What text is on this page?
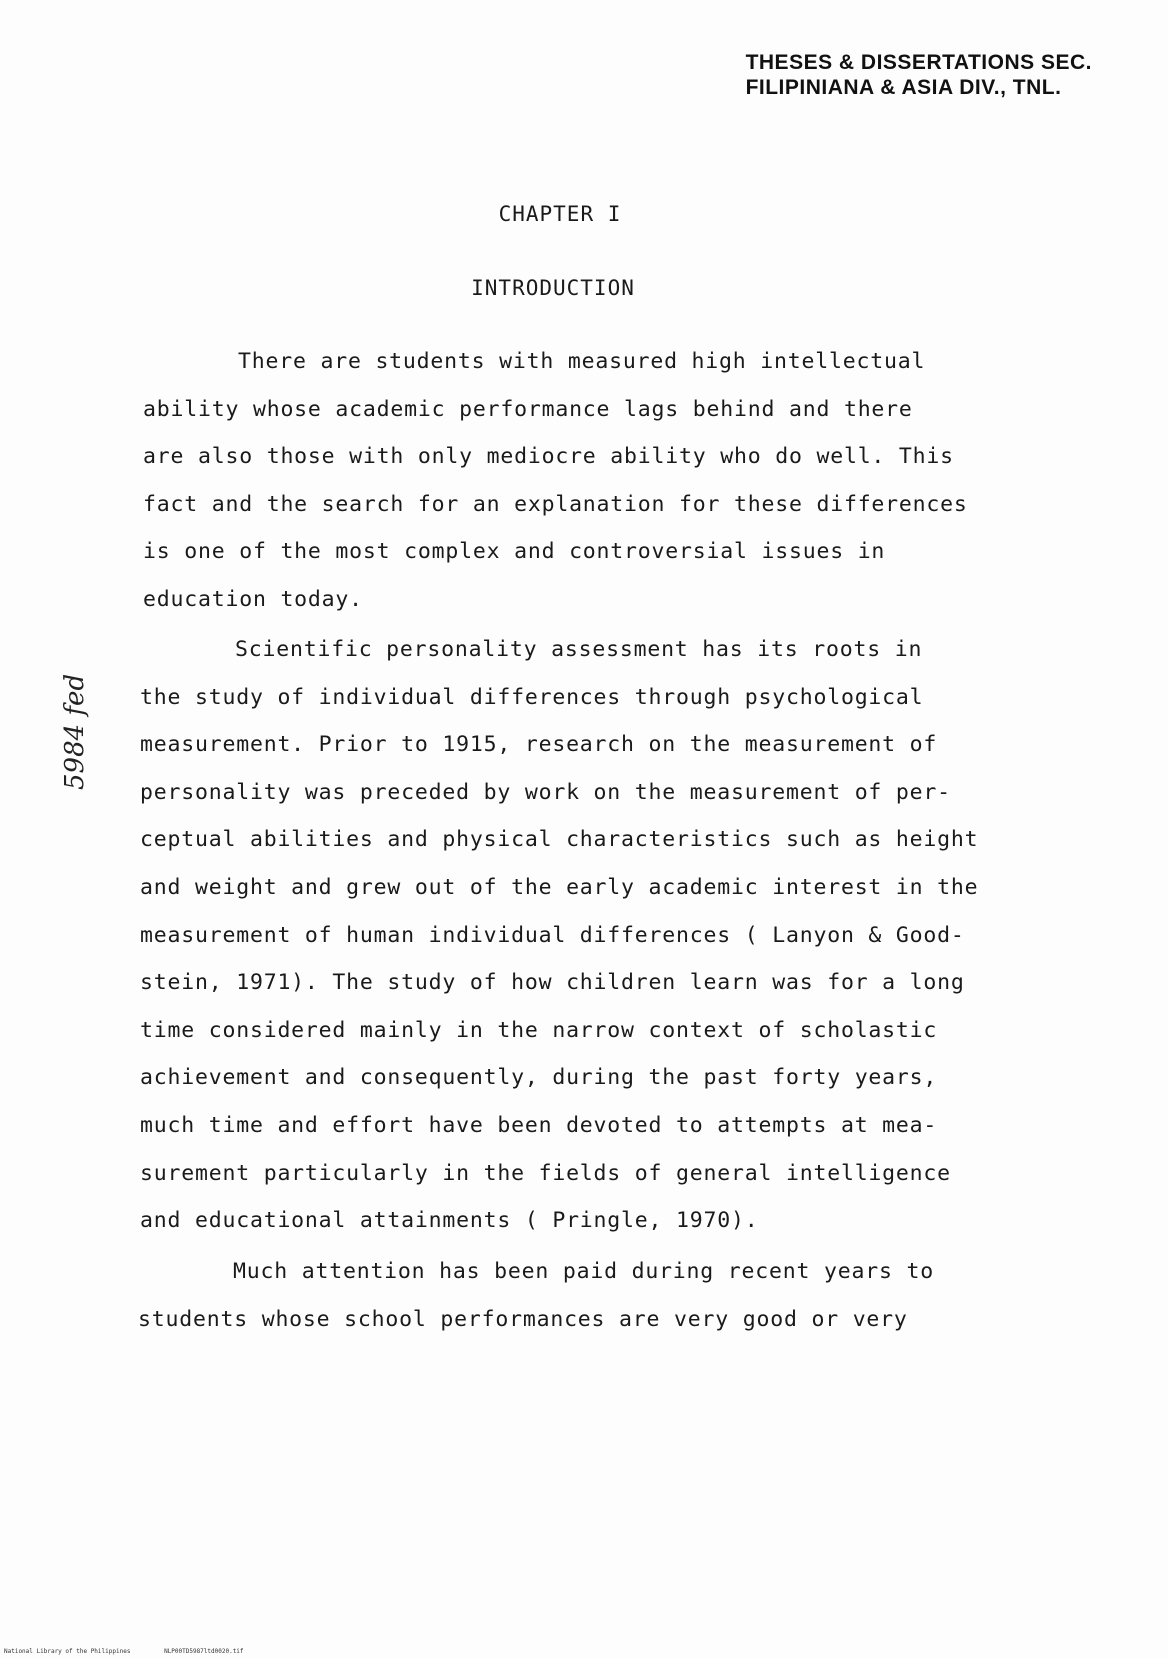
THESES & DISSERTATIONS SEC.
FILIPINIANA & ASIA DIV., TNL.
CHAPTER I
INTRODUCTION

There are students with measured high intellectual
ability whose academic performance lags behind and there
are also those with only mediocre ability who do well. This
fact and the search for an explanation for these differences
is one of the most complex and controversial issues in
education today.

Scientific personality assessment has its roots in
the study of individual differences through psychological
measurement. Prior to 1915, research on the measurement of
personality was preceded by work on the measurement of per-
ceptual abilities and physical characteristics such as height
and weight and grew out of the early academic interest in the
measurement of human individual differences ( Lanyon & Good-
stein, 1971). The study of how children learn was for a long
time considered mainly in the narrow context of scholastic
achievement and consequently, during the past forty years,
much time and effort have been devoted to attempts at mea-
surement particularly in the fields of general intelligence
and educational attainments ( Pringle, 1970).

Much attention has been paid during recent years to
students whose school performances are very good or very

5984 fed
National Library of the Philippines	NLP00TD5987ltd0020.tif
